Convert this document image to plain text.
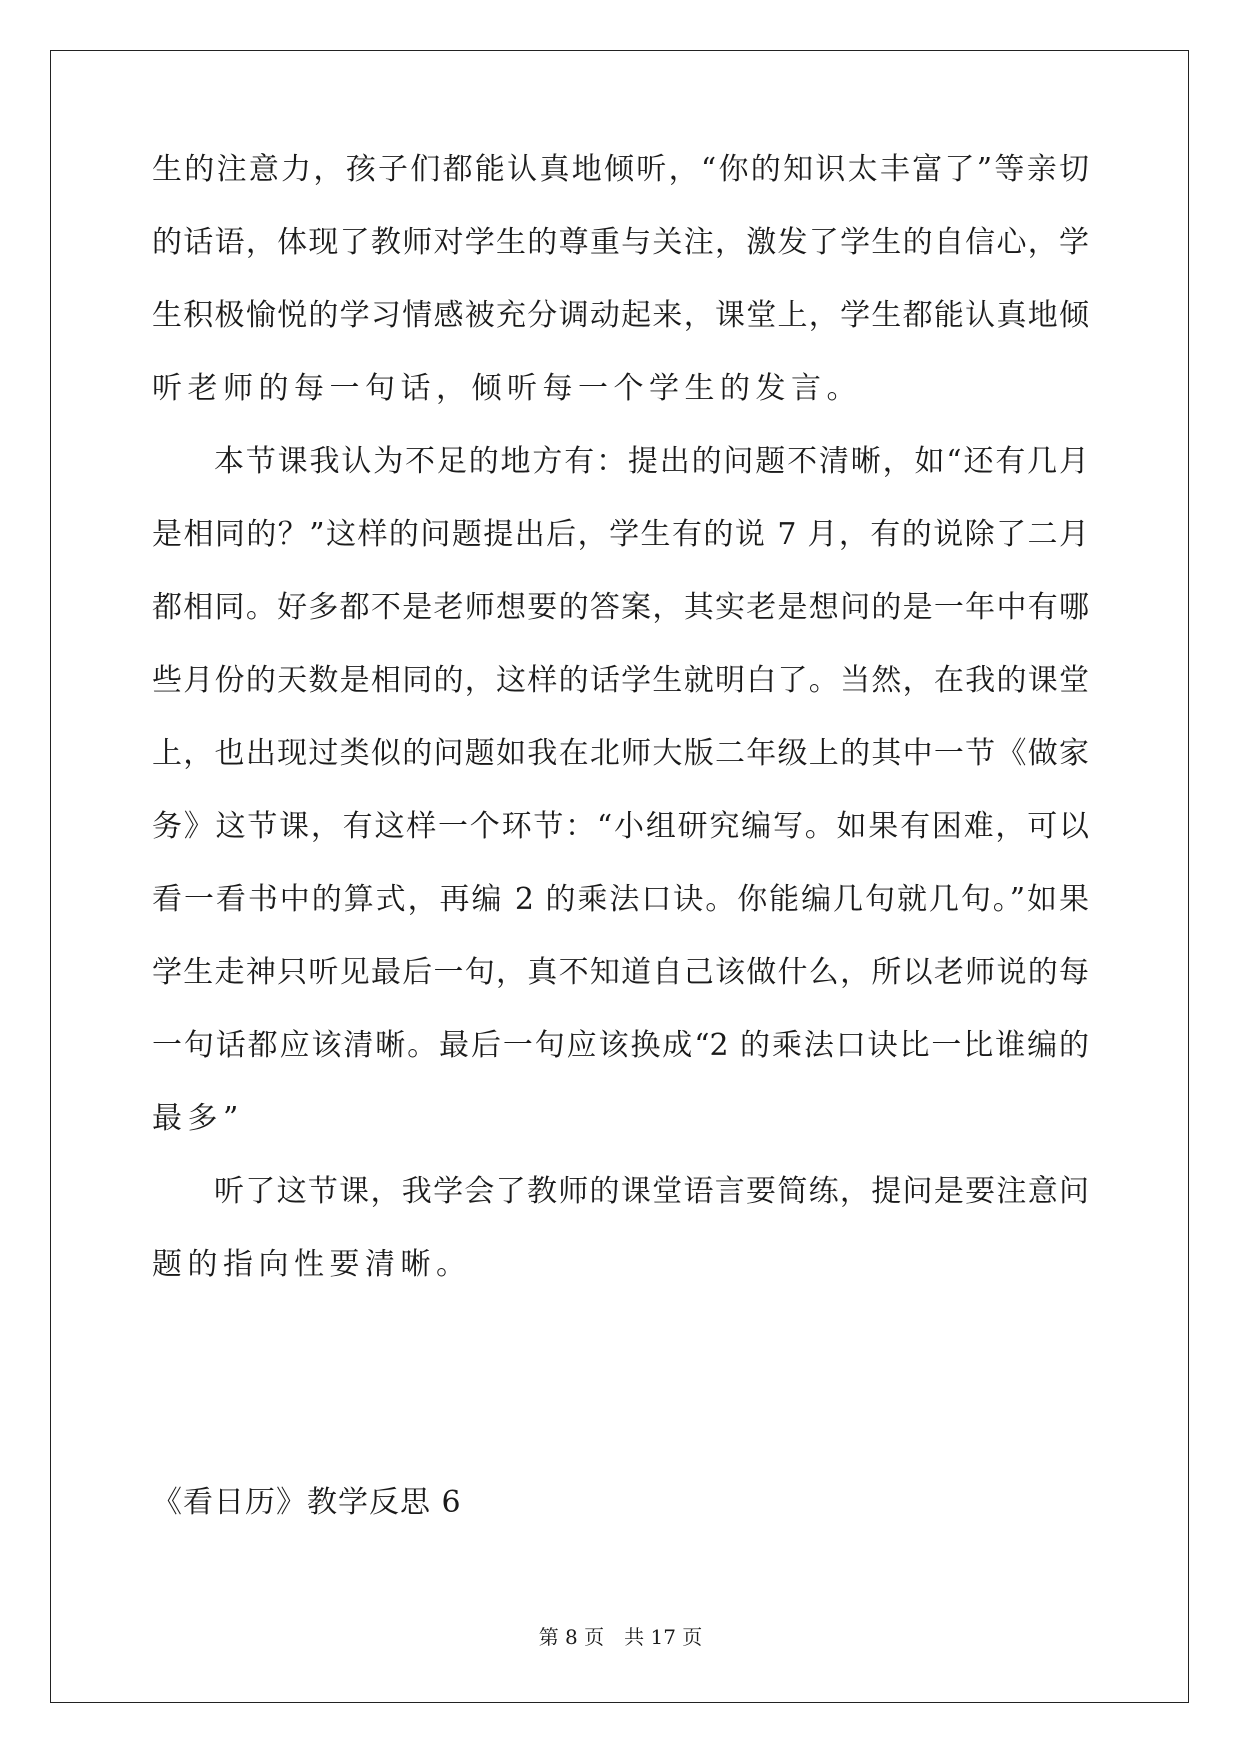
生的注意力，孩子们都能认真地倾听，“你的知识太丰富了”等亲切
的话语，体现了教师对学生的尊重与关注，激发了学生的自信心，学
生积极愉悦的学习情感被充分调动起来，课堂上，学生都能认真地倾
听老师的每一句话，倾听每一个学生的发言。
本节课我认为不足的地方有：提出的问题不清晰，如“还有几月
是相同的？”这样的问题提出后，学生有的说 7 月，有的说除了二月
都相同。好多都不是老师想要的答案，其实老是想问的是一年中有哪
些月份的天数是相同的，这样的话学生就明白了。当然，在我的课堂
上，也出现过类似的问题如我在北师大版二年级上的其中一节《做家
务》这节课，有这样一个环节：“小组研究编写。如果有困难，可以
看一看书中的算式，再编 2 的乘法口诀。你能编几句就几句。”如果
学生走神只听见最后一句，真不知道自己该做什么，所以老师说的每
一句话都应该清晰。最后一句应该换成“2 的乘法口诀比一比谁编的
最多”
听了这节课，我学会了教师的课堂语言要简练，提问是要注意问
题的指向性要清晰。
《看日历》教学反思 6
第 8 页　共 17 页
